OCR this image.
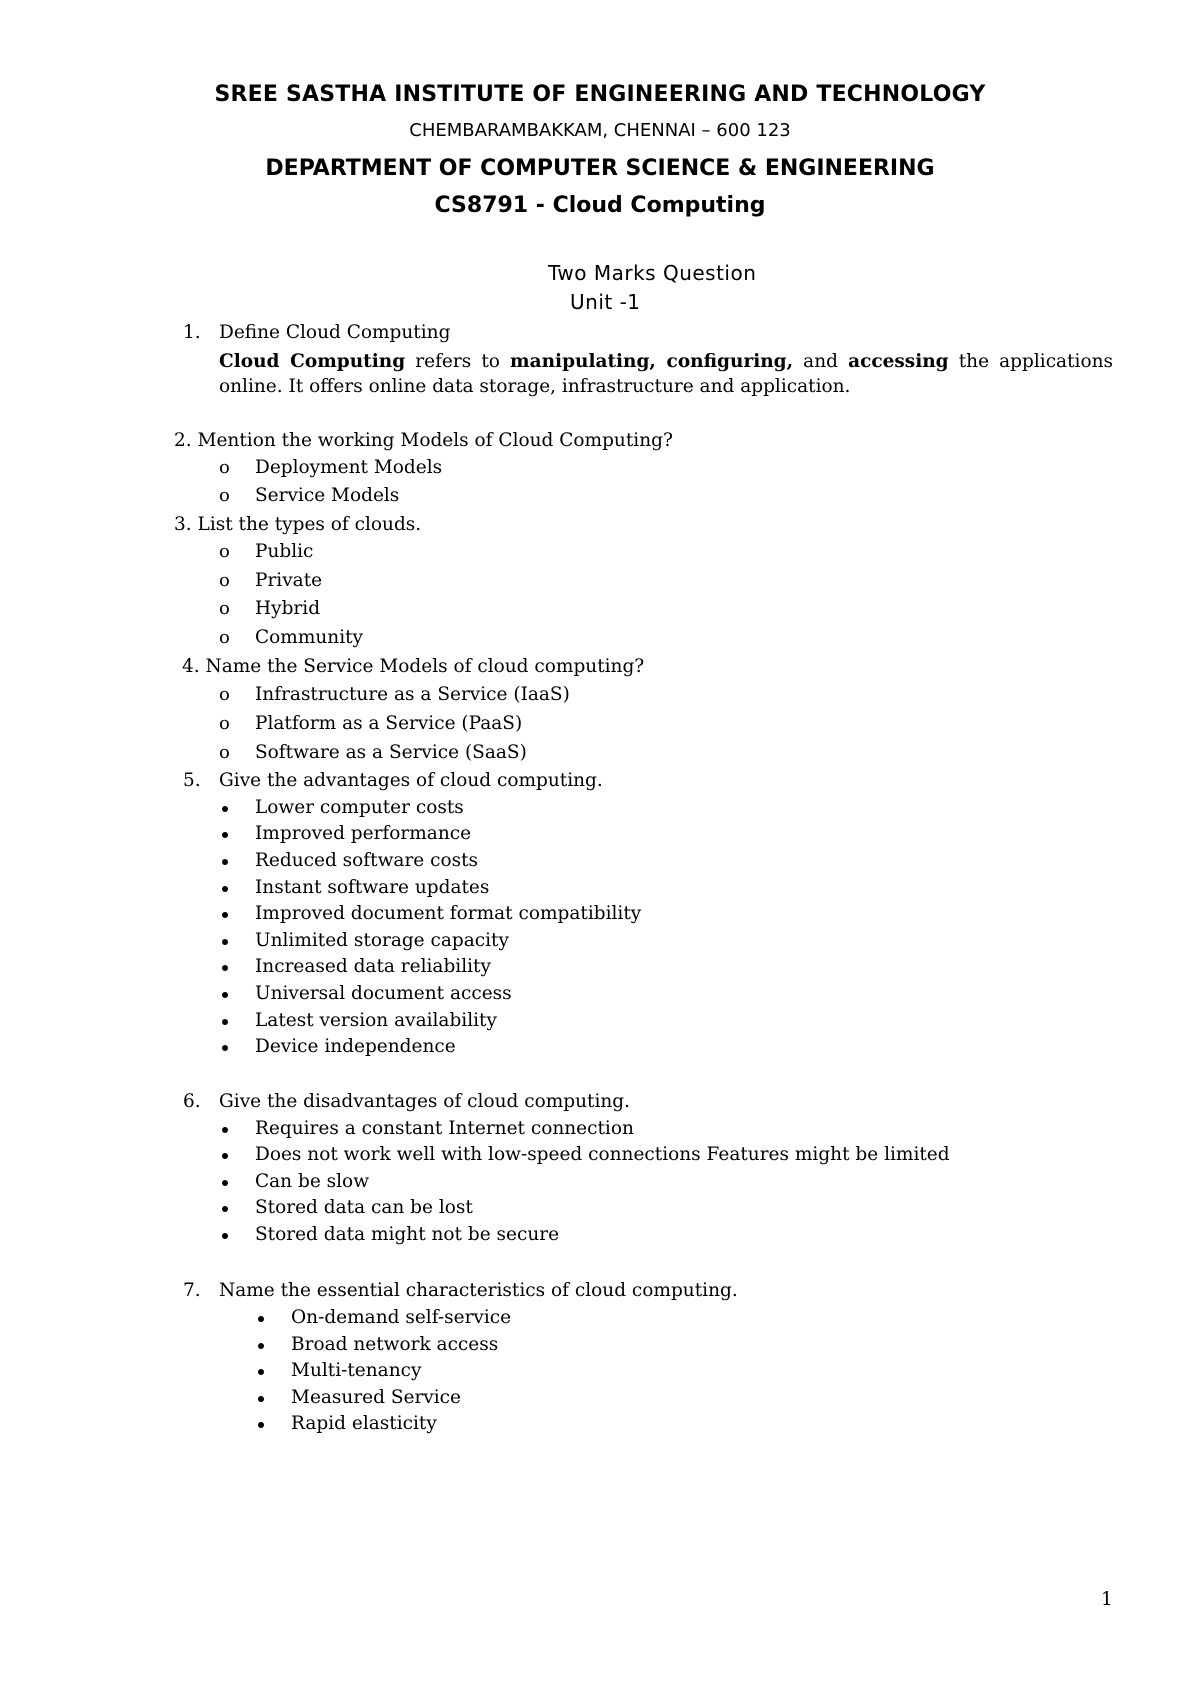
SREE SASTHA INSTITUTE OF ENGINEERING AND TECHNOLOGY
CHEMBARAMBAKKAM, CHENNAI – 600 123
DEPARTMENT OF COMPUTER SCIENCE & ENGINEERING
CS8791 - Cloud Computing
Two Marks Question
Unit -1
1. Define Cloud Computing
Cloud Computing refers to manipulating, configuring, and accessing the applications online. It offers online data storage, infrastructure and application.
2. Mention the working Models of Cloud Computing?
o Deployment Models
o Service Models
3. List the types of clouds.
o Public
o Private
o Hybrid
o Community
4. Name the Service Models of cloud computing?
o Infrastructure as a Service (IaaS)
o Platform as a Service (PaaS)
o Software as a Service (SaaS)
5. Give the advantages of cloud computing.
Lower computer costs
Improved performance
Reduced software costs
Instant software updates
Improved document format compatibility
Unlimited storage capacity
Increased data reliability
Universal document access
Latest version availability
Device independence
6. Give the disadvantages of cloud computing.
Requires a constant Internet connection
Does not work well with low-speed connections Features might be limited
Can be slow
Stored data can be lost
Stored data might not be secure
7. Name the essential characteristics of cloud computing.
On-demand self-service
Broad network access
Multi-tenancy
Measured Service
Rapid elasticity
1
